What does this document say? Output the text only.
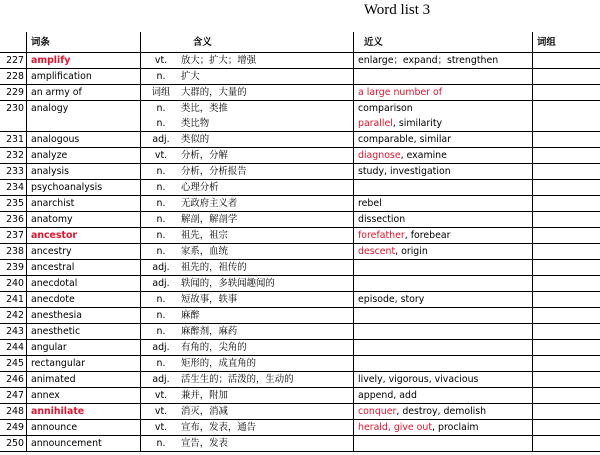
Word list 3
	词条		含义	近义	词组
227	amplify	vt.	放大；扩大；增强	enlarge；expand；strengthen	
228	amplification	n.	扩大		
229	an army of	词组	大群的，大量的	a large number of	
230	analogy	n.	类比，类推	comparison	
		n.	类比物	parallel, similarity	
231	analogous	adj.	类似的	comparable, similar	
232	analyze	vt.	分析，分解	diagnose, examine	
233	analysis	n.	分析，分析报告	study, investigation	
234	psychoanalysis	n.	心理分析		
235	anarchist	n.	无政府主义者	rebel	
236	anatomy	n.	解剖，解剖学	dissection	
237	ancestor	n.	祖先，祖宗	forefather, forebear	
238	ancestry	n.	家系，血统	descent, origin	
239	ancestral	adj.	祖先的，祖传的		
240	anecdotal	adj.	轶闻的，多轶闻趣闻的		
241	anecdote	n.	短故事，轶事	episode, story	
242	anesthesia	n.	麻醉		
243	anesthetic	n.	麻醉剂，麻药		
244	angular	adj.	有角的，尖角的		
245	rectangular	n.	矩形的，成直角的		
246	animated	adj.	活生生的；活泼的，生动的	lively, vigorous, vivacious	
247	annex	vt.	兼并，附加	append, add	
248	annihilate	vt.	消灭，消减	conquer, destroy, demolish	
249	announce	vt.	宣布，发表，通告	herald, give out, proclaim	
250	announcement	n.	宣告，发表		
